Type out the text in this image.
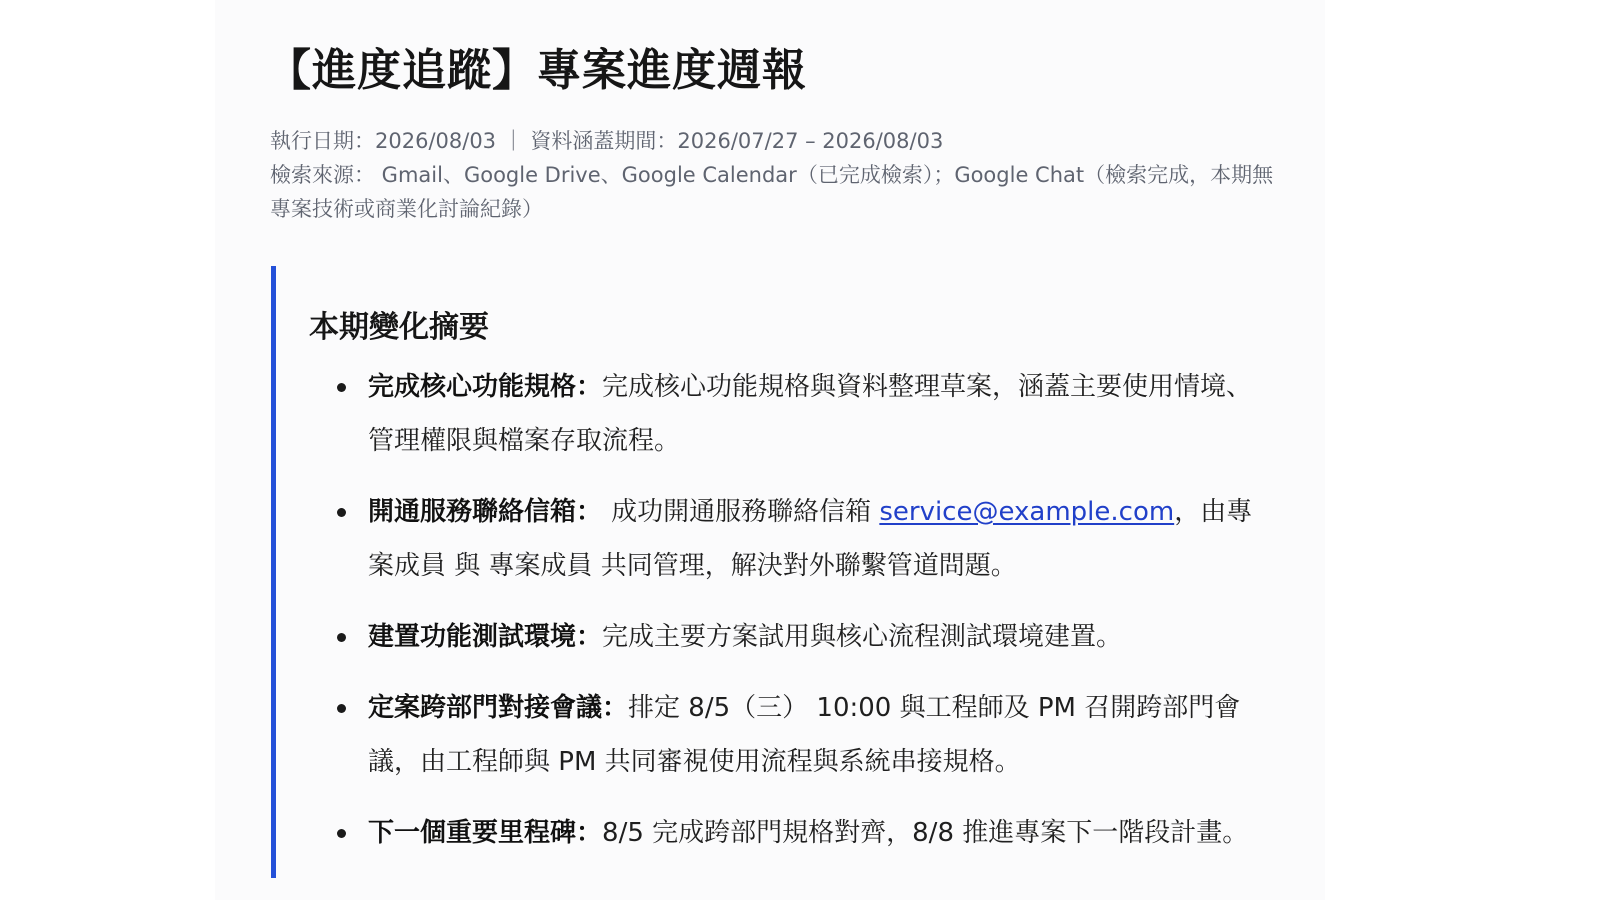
【進度追蹤】專案進度週報

執行日期：2026/08/03 ｜ 資料涵蓋期間：2026/07/27 – 2026/08/03

檢索來源： Gmail、Google Drive、Google Calendar（已完成檢索）；Google Chat（檢索完成，本期無專案技術或商業化討論紀錄）

本期變化摘要
完成核心功能規格：完成核心功能規格與資料整理草案，涵蓋主要使用情境、管理權限與檔案存取流程。
開通服務聯絡信箱： 成功開通服務聯絡信箱 service@example.com，由專案成員 與 專案成員 共同管理，解決對外聯繫管道問題。
建置功能測試環境：完成主要方案試用與核心流程測試環境建置。
定案跨部門對接會議：排定 8/5（三） 10:00 與工程師及 PM 召開跨部門會議，由工程師與 PM 共同審視使用流程與系統串接規格。
下一個重要里程碑：8/5 完成跨部門規格對齊，8/8 推進專案下一階段計畫。
